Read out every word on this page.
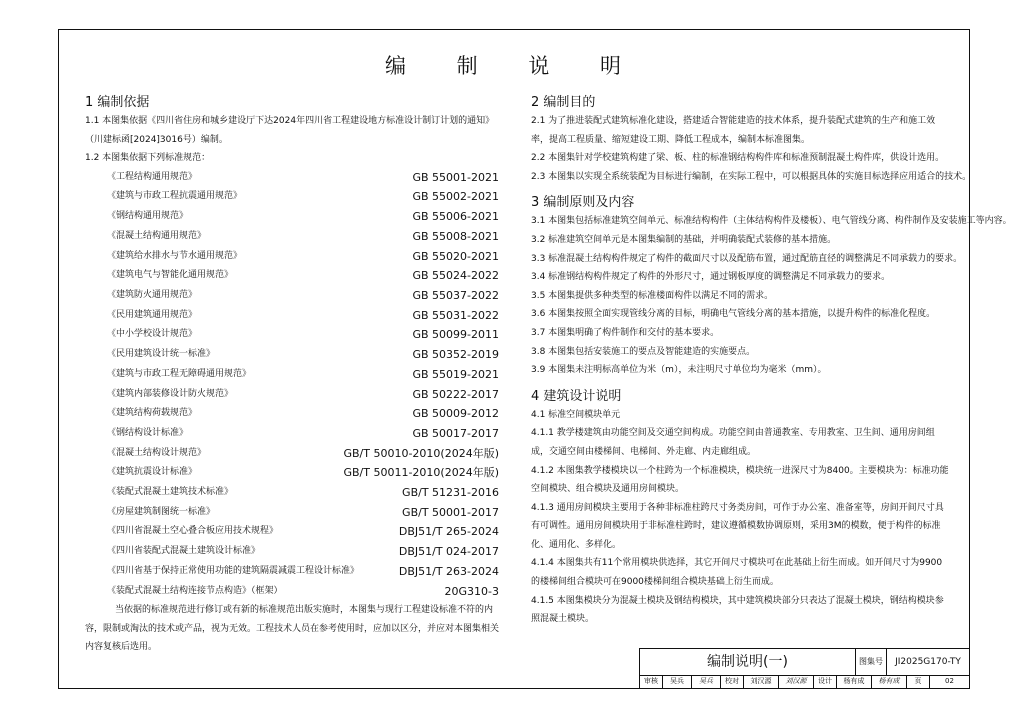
编 制 说 明

1 编制依据

1.1 本图集依据《四川省住房和城乡建设厅下达2024年四川省工程建设地方标准设计制订计划的通知》
（川建标函[2024]3016号）编制。
1.2 本图集依据下列标准规范：
《工程结构通用规范》	GB 55001-2021
《建筑与市政工程抗震通用规范》	GB 55002-2021
《钢结构通用规范》	GB 55006-2021
《混凝土结构通用规范》	GB 55008-2021
《建筑给水排水与节水通用规范》	GB 55020-2021
《建筑电气与智能化通用规范》	GB 55024-2022
《建筑防火通用规范》	GB 55037-2022
《民用建筑通用规范》	GB 55031-2022
《中小学校设计规范》	GB 50099-2011
《民用建筑设计统一标准》	GB 50352-2019
《建筑与市政工程无障碍通用规范》	GB 55019-2021
《建筑内部装修设计防火规范》	GB 50222-2017
《建筑结构荷载规范》	GB 50009-2012
《钢结构设计标准》	GB 50017-2017
《混凝土结构设计规范》	GB/T 50010-2010(2024年版)
《建筑抗震设计标准》	GB/T 50011-2010(2024年版)
《装配式混凝土建筑技术标准》	GB/T 51231-2016
《房屋建筑制图统一标准》	GB/T 50001-2017
《四川省混凝土空心叠合板应用技术规程》	DBJ51/T 265-2024
《四川省装配式混凝土建筑设计标准》	DBJ51/T 024-2017
《四川省基于保持正常使用功能的建筑隔震减震工程设计标准》	DBJ51/T 263-2024
《装配式混凝土结构连接节点构造》（框架）	20G310-3
当依据的标准规范进行修订或有新的标准规范出版实施时，本图集与现行工程建设标准不符的内容，限制或淘汰的技术或产品，视为无效。工程技术人员在参考使用时，应加以区分，并应对本图集相关内容复核后选用。

2 编制目的

2.1 为了推进装配式建筑标准化建设，搭建适合智能建造的技术体系，提升装配式建筑的生产和施工效率，提高工程质量、缩短建设工期、降低工程成本，编制本标准图集。
2.2 本图集针对学校建筑构建了梁、板、柱的标准钢结构构件库和标准预制混凝土构件库，供设计选用。
2.3 本图集以实现全系统装配为目标进行编制，在实际工程中，可以根据具体的实施目标选择应用适合的技术。

3 编制原则及内容

3.1 本图集包括标准建筑空间单元、标准结构构件（主体结构构件及楼板）、电气管线分离、构件制作及安装施工等内容。
3.2 标准建筑空间单元是本图集编制的基础，并明确装配式装修的基本措施。
3.3 标准混凝土结构构件规定了构件的截面尺寸以及配筋布置，通过配筋直径的调整满足不同承载力的要求。
3.4 标准钢结构构件规定了构件的外形尺寸，通过钢板厚度的调整满足不同承载力的要求。
3.5 本图集提供多种类型的标准楼面构件以满足不同的需求。
3.6 本图集按照全面实现管线分离的目标，明确电气管线分离的基本措施，以提升构件的标准化程度。
3.7 本图集明确了构件制作和交付的基本要求。
3.8 本图集包括安装施工的要点及智能建造的实施要点。
3.9 本图集未注明标高单位为米（m），未注明尺寸单位均为毫米（mm）。

4 建筑设计说明

4.1 标准空间模块单元
4.1.1 教学楼建筑由功能空间及交通空间构成。功能空间由普通教室、专用教室、卫生间、通用房间组成，交通空间由楼梯间、电梯间、外走廊、内走廊组成。
4.1.2 本图集教学楼模块以一个柱跨为一个标准模块，模块统一进深尺寸为8400。主要模块为：标准功能空间模块、组合模块及通用房间模块。
4.1.3 通用房间模块主要用于各种非标准柱跨尺寸务类房间，可作于办公室、准备室等，房间开间尺寸具有可调性。通用房间模块用于非标准柱跨时，建议遵循模数协调原则，采用3M的模数，便于构件的标准化、通用化、多样化。
4.1.4 本图集共有11个常用模块供选择，其它开间尺寸模块可在此基础上衍生而成。如开间尺寸为9900的楼梯间组合模块可在9000楼梯间组合模块基础上衍生而成。
4.1.5 本图集模块分为混凝土模块及钢结构模块，其中建筑模块部分只表达了混凝土模块，钢结构模块参照混凝土模块。
编制说明(一)	图集号	JI2025G170-TY
审核	吴兵	吴兵	校对	刘汉源	刘汉源	设计	杨有成	杨有成	页	02
